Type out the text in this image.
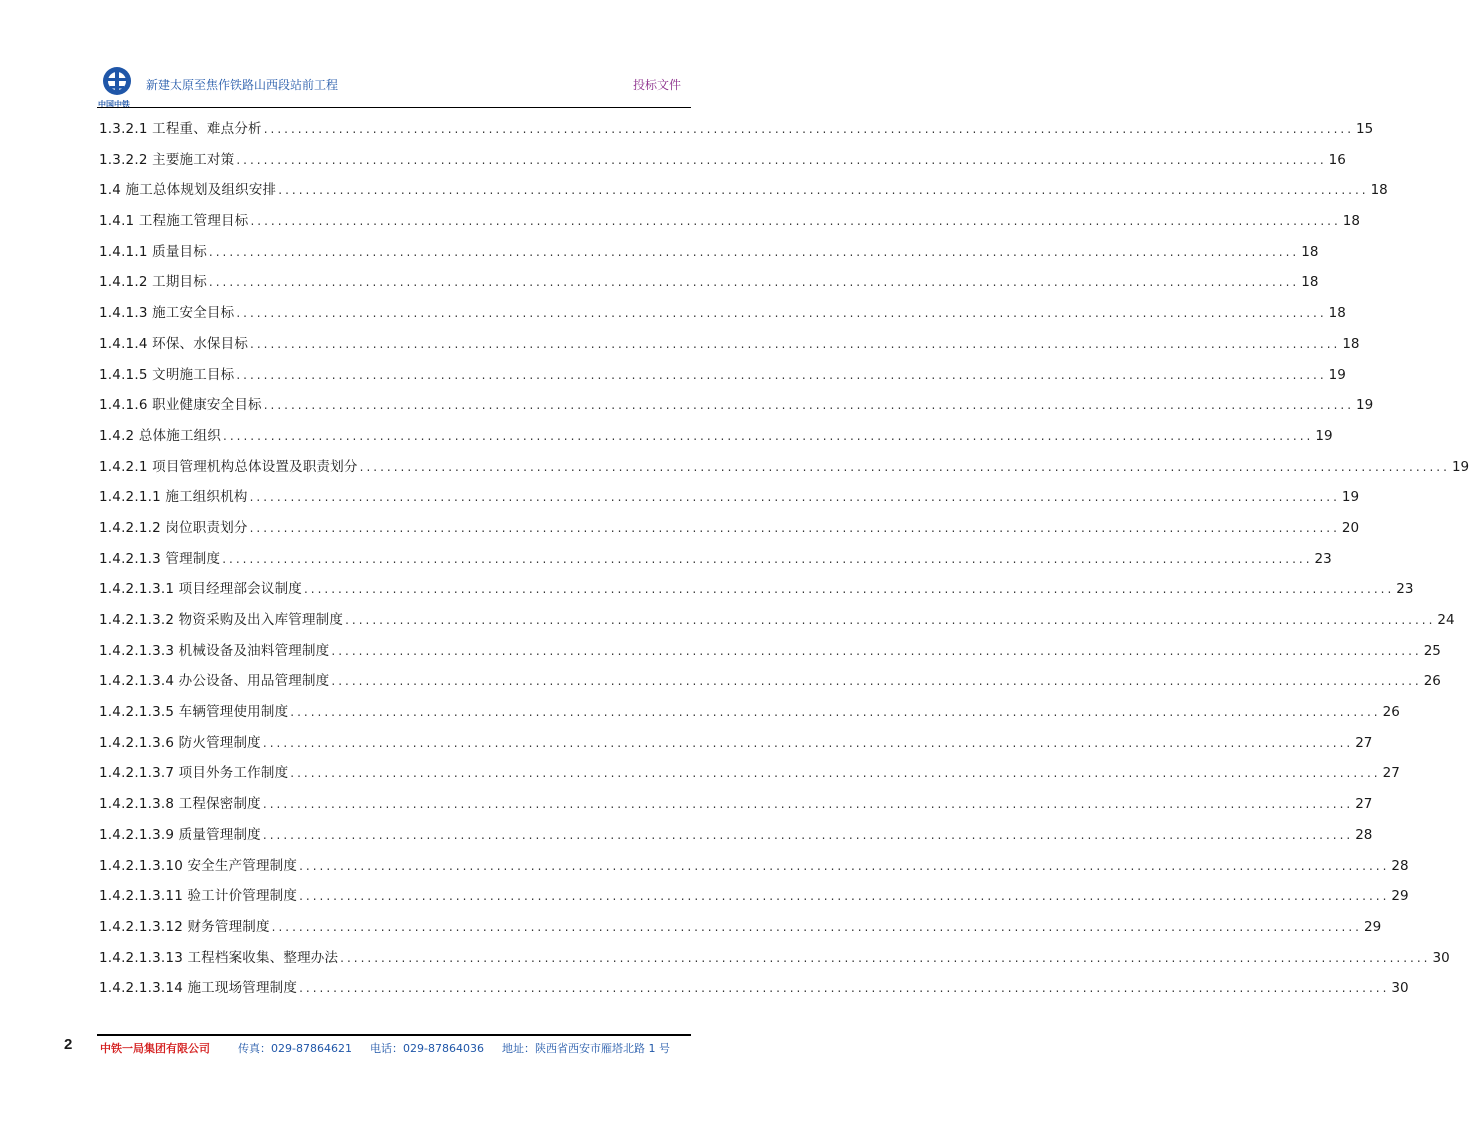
中国中铁
新建太原至焦作铁路山西段站前工程	投标文件
1.3.2.1 工程重、难点分析 ................................................................................................................................................................ 15
1.3.2.2 主要施工对策 ................................................................................................................................................................ 16
1.4 施工总体规划及组织安排 ................................................................................................................................................................ 18
1.4.1 工程施工管理目标 ................................................................................................................................................................ 18
1.4.1.1 质量目标 ................................................................................................................................................................ 18
1.4.1.2 工期目标 ................................................................................................................................................................ 18
1.4.1.3 施工安全目标 ................................................................................................................................................................ 18
1.4.1.4 环保、水保目标 ................................................................................................................................................................ 18
1.4.1.5 文明施工目标 ................................................................................................................................................................ 19
1.4.1.6 职业健康安全目标 ................................................................................................................................................................ 19
1.4.2 总体施工组织 ................................................................................................................................................................ 19
1.4.2.1 项目管理机构总体设置及职责划分 ................................................................................................................................................................ 19
1.4.2.1.1 施工组织机构 ................................................................................................................................................................ 19
1.4.2.1.2 岗位职责划分 ................................................................................................................................................................ 20
1.4.2.1.3 管理制度 ................................................................................................................................................................ 23
1.4.2.1.3.1 项目经理部会议制度 ................................................................................................................................................................ 23
1.4.2.1.3.2 物资采购及出入库管理制度 ................................................................................................................................................................ 24
1.4.2.1.3.3 机械设备及油料管理制度 ................................................................................................................................................................ 25
1.4.2.1.3.4 办公设备、用品管理制度 ................................................................................................................................................................ 26
1.4.2.1.3.5 车辆管理使用制度 ................................................................................................................................................................ 26
1.4.2.1.3.6 防火管理制度 ................................................................................................................................................................ 27
1.4.2.1.3.7 项目外务工作制度 ................................................................................................................................................................ 27
1.4.2.1.3.8 工程保密制度 ................................................................................................................................................................ 27
1.4.2.1.3.9 质量管理制度 ................................................................................................................................................................ 28
1.4.2.1.3.10 安全生产管理制度 ................................................................................................................................................................ 28
1.4.2.1.3.11 验工计价管理制度 ................................................................................................................................................................ 29
1.4.2.1.3.12 财务管理制度 ................................................................................................................................................................ 29
1.4.2.1.3.13 工程档案收集、整理办法 ................................................................................................................................................................ 30
1.4.2.1.3.14 施工现场管理制度 ................................................................................................................................................................ 30
2	中铁一局集团有限公司	传真：029-87864621 电话：029-87864036 地址：陕西省西安市雁塔北路 1 号
